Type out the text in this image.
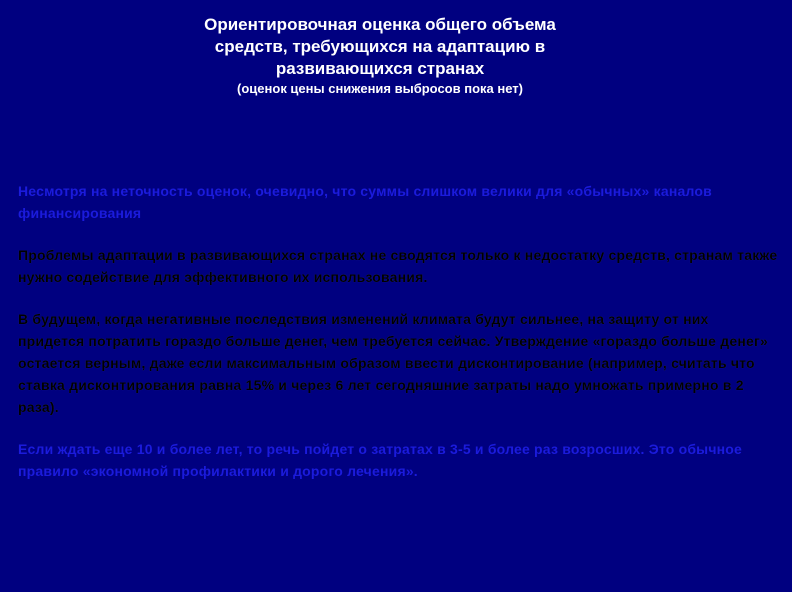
Ориентировочная оценка общего объема
средств, требующихся на адаптацию в
развивающихся странах
(оценок цены снижения выбросов пока нет)

Несмотря на неточность оценок, очевидно, что суммы слишком велики для «обычных» каналов финансирования

Проблемы адаптации в развивающихся странах не сводятся только к недостатку средств, странам также нужно содействие для эффективного их использования.

В будущем, когда негативные последствия изменений климата будут сильнее, на защиту от них придется потратить гораздо больше денег, чем требуется сейчас. Утверждение «гораздо больше денег» остается верным, даже если максимальным образом ввести дисконтирование (например, считать что ставка дисконтирования равна 15% и через 6 лет сегодняшние затраты надо умножать примерно в 2 раза).

Если ждать еще 10 и более лет, то речь пойдет о затратах в 3-5 и более раз возросших. Это обычное правило «экономной профилактики и дорого лечения».
